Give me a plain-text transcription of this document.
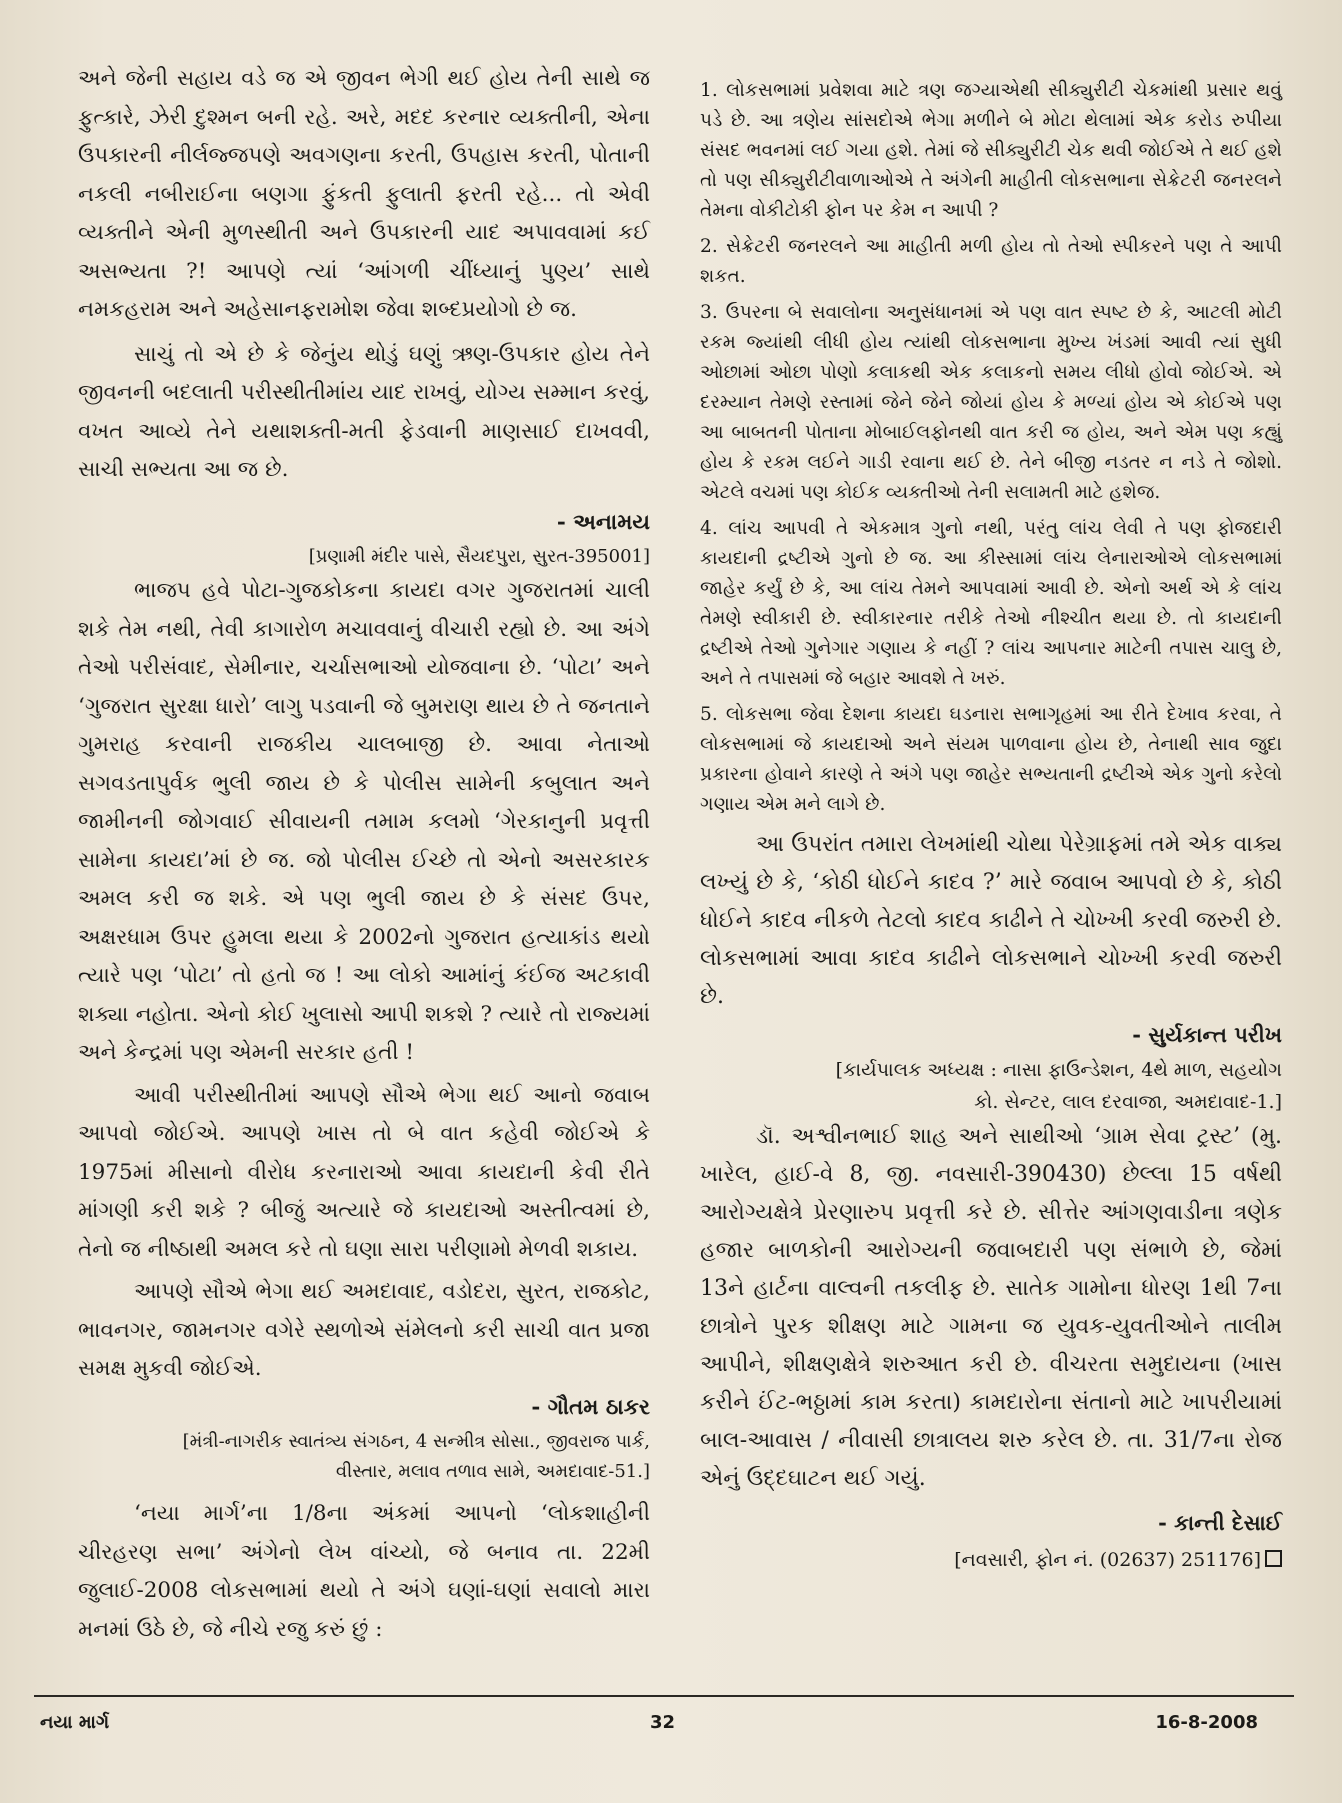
અને જેની સહાય વડે જ એ જીવન ભેગી થઈ હોય તેની સાથે જ ફુત્કારે, ઝેરી દુશ્મન બની રહે. અરે, મદદ કરનાર વ્યક્તીની, એના ઉપકારની નીર્લજ્જપણે અવગણના કરતી, ઉપહાસ કરતી, પોતાની નકલી નબીરાઈના બણગા ફુંકતી ફુલાતી ફરતી રહે... તો એવી વ્યક્તીને એની મુળસ્થીતી અને ઉપકારની યાદ અપાવવામાં કઈ અસભ્યતા ?! આપણે ત્યાં ‘આંગળી ચીંધ્યાનું પુણ્ય’ સાથે નમકહરામ અને અહેસાનફરામોશ જેવા શબ્દપ્રયોગો છે જ.

સાચું તો એ છે કે જેનુંય થોડું ઘણું ઋણ-ઉપકાર હોય તેને જીવનની બદલાતી પરીસ્થીતીમાંય યાદ રાખવું, યોગ્ય સમ્માન કરવું, વખત આવ્યે તેને યથાશક્તી-મતી ફેડવાની માણસાઈ દાખવવી, સાચી સભ્યતા આ જ છે.

- અનામય

[પ્રણામી મંદીર પાસે, સૈયદપુરા, સુરત-395001]

ભાજપ હવે પોટા-ગુજકોકના કાયદા વગર ગુજરાતમાં ચાલી શકે તેમ નથી, તેવી કાગારોળ મચાવવાનું વીચારી રહ્યો છે. આ અંગે તેઓ પરીસંવાદ, સેમીનાર, ચર્ચાસભાઓ યોજવાના છે. ‘પોટા’ અને ‘ગુજરાત સુરક્ષા ધારો’ લાગુ પડવાની જે બુમરાણ થાય છે તે જનતાને ગુમરાહ કરવાની રાજકીય ચાલબાજી છે. આવા નેતાઓ સગવડતાપુર્વક ભુલી જાય છે કે પોલીસ સામેની કબુલાત અને જામીનની જોગવાઈ સીવાયની તમામ કલમો ‘ગેરકાનુની પ્રવૃત્તી સામેના કાયદા’માં છે જ. જો પોલીસ ઈચ્છે તો એનો અસરકારક અમલ કરી જ શકે. એ પણ ભુલી જાય છે કે સંસદ ઉપર, અક્ષરધામ ઉપર હુમલા થયા કે 2002નો ગુજરાત હત્યાકાંડ થયો ત્યારે પણ ‘પોટા’ તો હતો જ ! આ લોકો આમાંનું કંઈજ અટકાવી શક્યા નહોતા. એનો કોઈ ખુલાસો આપી શકશે ? ત્યારે તો રાજ્યમાં અને કેન્દ્રમાં પણ એમની સરકાર હતી !

આવી પરીસ્થીતીમાં આપણે સૌએ ભેગા થઈ આનો જવાબ આપવો જોઈએ. આપણે ખાસ તો બે વાત કહેવી જોઈએ કે 1975માં મીસાનો વીરોધ કરનારાઓ આવા કાયદાની કેવી રીતે માંગણી કરી શકે ? બીજું અત્યારે જે કાયદાઓ અસ્તીત્વમાં છે, તેનો જ નીષ્ઠાથી અમલ કરે તો ઘણા સારા પરીણામો મેળવી શકાય.

આપણે સૌએ ભેગા થઈ અમદાવાદ, વડોદરા, સુરત, રાજકોટ, ભાવનગર, જામનગર વગેરે સ્થળોએ સંમેલનો કરી સાચી વાત પ્રજા સમક્ષ મુકવી જોઈએ.

- ગૌતમ ઠાકર

[મંત્રી-નાગરીક સ્વાતંત્ર્ય સંગઠન, 4 સન્મીત્ર સોસા., જીવરાજ પાર્ક,

વીસ્તાર, મલાવ તળાવ સામે, અમદાવાદ-51.]

‘નયા માર્ગ’ના 1/8ના અંકમાં આપનો ‘લોકશાહીની ચીરહરણ સભા’ અંગેનો લેખ વાંચ્યો, જે બનાવ તા. 22મી જુલાઈ-2008 લોકસભામાં થયો તે અંગે ઘણાં-ઘણાં સવાલો મારા મનમાં ઉઠે છે, જે નીચે રજુ કરું છું :

1. લોકસભામાં પ્રવેશવા માટે ત્રણ જગ્યાએથી સીક્યુરીટી ચેકમાંથી પ્રસાર થવું પડે છે. આ ત્રણેય સાંસદોએ ભેગા મળીને બે મોટા થેલામાં એક કરોડ રુપીયા સંસદ ભવનમાં લઈ ગયા હશે. તેમાં જે સીક્યુરીટી ચેક થવી જોઈએ તે થઈ હશે તો પણ સીક્યુરીટીવાળાઓએ તે અંગેની માહીતી લોકસભાના સેક્રેટરી જનરલને તેમના વોકીટોકી ફોન પર કેમ ન આપી ?

2. સેક્રેટરી જનરલને આ માહીતી મળી હોય તો તેઓ સ્પીકરને પણ તે આપી શકત.

3. ઉપરના બે સવાલોના અનુસંધાનમાં એ પણ વાત સ્પષ્ટ છે કે, આટલી મોટી રકમ જ્યાંથી લીધી હોય ત્યાંથી લોકસભાના મુખ્ય ખંડમાં આવી ત્યાં સુધી ઓછામાં ઓછા પોણો કલાકથી એક કલાકનો સમય લીધો હોવો જોઈએ. એ દરમ્યાન તેમણે રસ્તામાં જેને જેને જોયાં હોય કે મળ્યાં હોય એ કોઈએ પણ આ બાબતની પોતાના મોબાઈલફોનથી વાત કરી જ હોય, અને એમ પણ કહ્યું હોય કે રકમ લઈને ગાડી રવાના થઈ છે. તેને બીજી નડતર ન નડે તે જોશો. એટલે વચમાં પણ કોઈક વ્યક્તીઓ તેની સલામતી માટે હશેજ.

4. લાંચ આપવી તે એકમાત્ર ગુનો નથી, પરંતુ લાંચ લેવી તે પણ ફોજદારી કાયદાની દ્રષ્ટીએ ગુનો છે જ. આ કીસ્સામાં લાંચ લેનારાઓએ લોકસભામાં જાહેર કર્યું છે કે, આ લાંચ તેમને આપવામાં આવી છે. એનો અર્થ એ કે લાંચ તેમણે સ્વીકારી છે. સ્વીકારનાર તરીકે તેઓ નીશ્ચીત થયા છે. તો કાયદાની દ્રષ્ટીએ તેઓ ગુનેગાર ગણાય કે નહીં ? લાંચ આપનાર માટેની તપાસ ચાલુ છે, અને તે તપાસમાં જે બહાર આવશે તે ખરું.

5. લોકસભા જેવા દેશના કાયદા ઘડનારા સભાગૃહમાં આ રીતે દેખાવ કરવા, તે લોકસભામાં જે કાયદાઓ અને સંયમ પાળવાના હોય છે, તેનાથી સાવ જુદા પ્રકારના હોવાને કારણે તે અંગે પણ જાહેર સભ્યતાની દ્રષ્ટીએ એક ગુનો કરેલો ગણાય એમ મને લાગે છે.

આ ઉપરાંત તમારા લેખમાંથી ચોથા પેરેગ્રાફમાં તમે એક વાક્ય લખ્યું છે કે, ‘કોઠી ધોઈને કાદવ ?’ મારે જવાબ આપવો છે કે, કોઠી ધોઈને કાદવ નીકળે તેટલો કાદવ કાઢીને તે ચોખ્ખી કરવી જરુરી છે. લોકસભામાં આવા કાદવ કાઢીને લોકસભાને ચોખ્ખી કરવી જરુરી છે.

- સુર્યકાન્ત પરીખ

[કાર્યપાલક અધ્યક્ષ : નાસા ફાઉન્ડેશન, 4થે માળ, સહયોગ

કો. સેન્ટર, લાલ દરવાજા, અમદાવાદ-1.]

ડૉ. અશ્વીનભાઈ શાહ અને સાથીઓ ‘ગ્રામ સેવા ટ્રસ્ટ’ (મુ. ખારેલ, હાઈ-વે 8, જી. નવસારી-390430) છેલ્લા 15 વર્ષથી આરોગ્યક્ષેત્રે પ્રેરણારુપ પ્રવૃત્તી કરે છે. સીત્તેર આંગણવાડીના ત્રણેક હજાર બાળકોની આરોગ્યની જવાબદારી પણ સંભાળે છે, જેમાં 13ને હાર્ટના વાલ્વની તકલીફ છે. સાતેક ગામોના ધોરણ 1થી 7ના છાત્રોને પુરક શીક્ષણ માટે ગામના જ યુવક-યુવતીઓને તાલીમ આપીને, શીક્ષણક્ષેત્રે શરુઆત કરી છે. વીચરતા સમુદાયના (ખાસ કરીને ઈંટ-ભઠ્ઠામાં કામ કરતા) કામદારોના સંતાનો માટે ખાપરીયામાં બાલ-આવાસ / નીવાસી છાત્રાલય શરુ કરેલ છે. તા. 31/7ના રોજ એનું ઉદ્દઘાટન થઈ ગયું.

- કાન્તી દેસાઈ

[નવસારી, ફોન નં. (02637) 251176]

નયા માર્ગ	32	16-8-2008
